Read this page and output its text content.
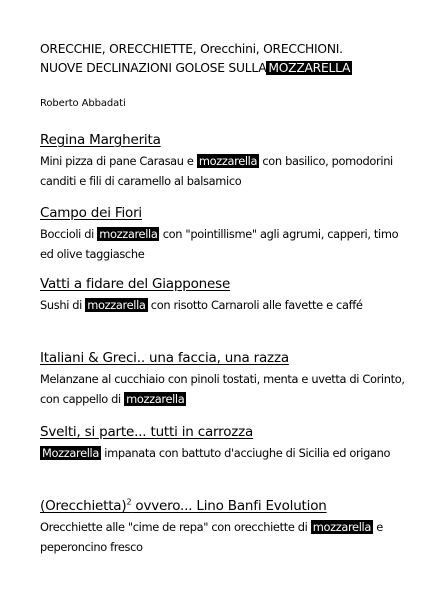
ORECCHIE, ORECCHIETTE, Orecchini, ORECCHIONI.
NUOVE DECLINAZIONI GOLOSE SULLA MOZZARELLA
Roberto Abbadati
Regina Margherita
Mini pizza di pane Carasau e mozzarella con basilico, pomodorini canditi e fili di caramello al balsamico
Campo dei Fiori
Boccioli di mozzarella con "pointillisme" agli agrumi, capperi, timo ed olive taggiasche
Vatti a fidare del Giapponese
Sushi di mozzarella con risotto Carnaroli alle favette e caffé
Italiani & Greci.. una faccia, una razza
Melanzane al cucchiaio con pinoli tostati, menta e uvetta di Corinto, con cappello di mozzarella
Svelti, si parte... tutti in carrozza
Mozzarella impanata con battuto d'acciughe di Sicilia ed origano
(Orecchietta)$^2$ ovvero... Lino Banfi Evolution
Orecchiette alle "cime de repa" con orecchiette di mozzarella e peperoncino fresco
